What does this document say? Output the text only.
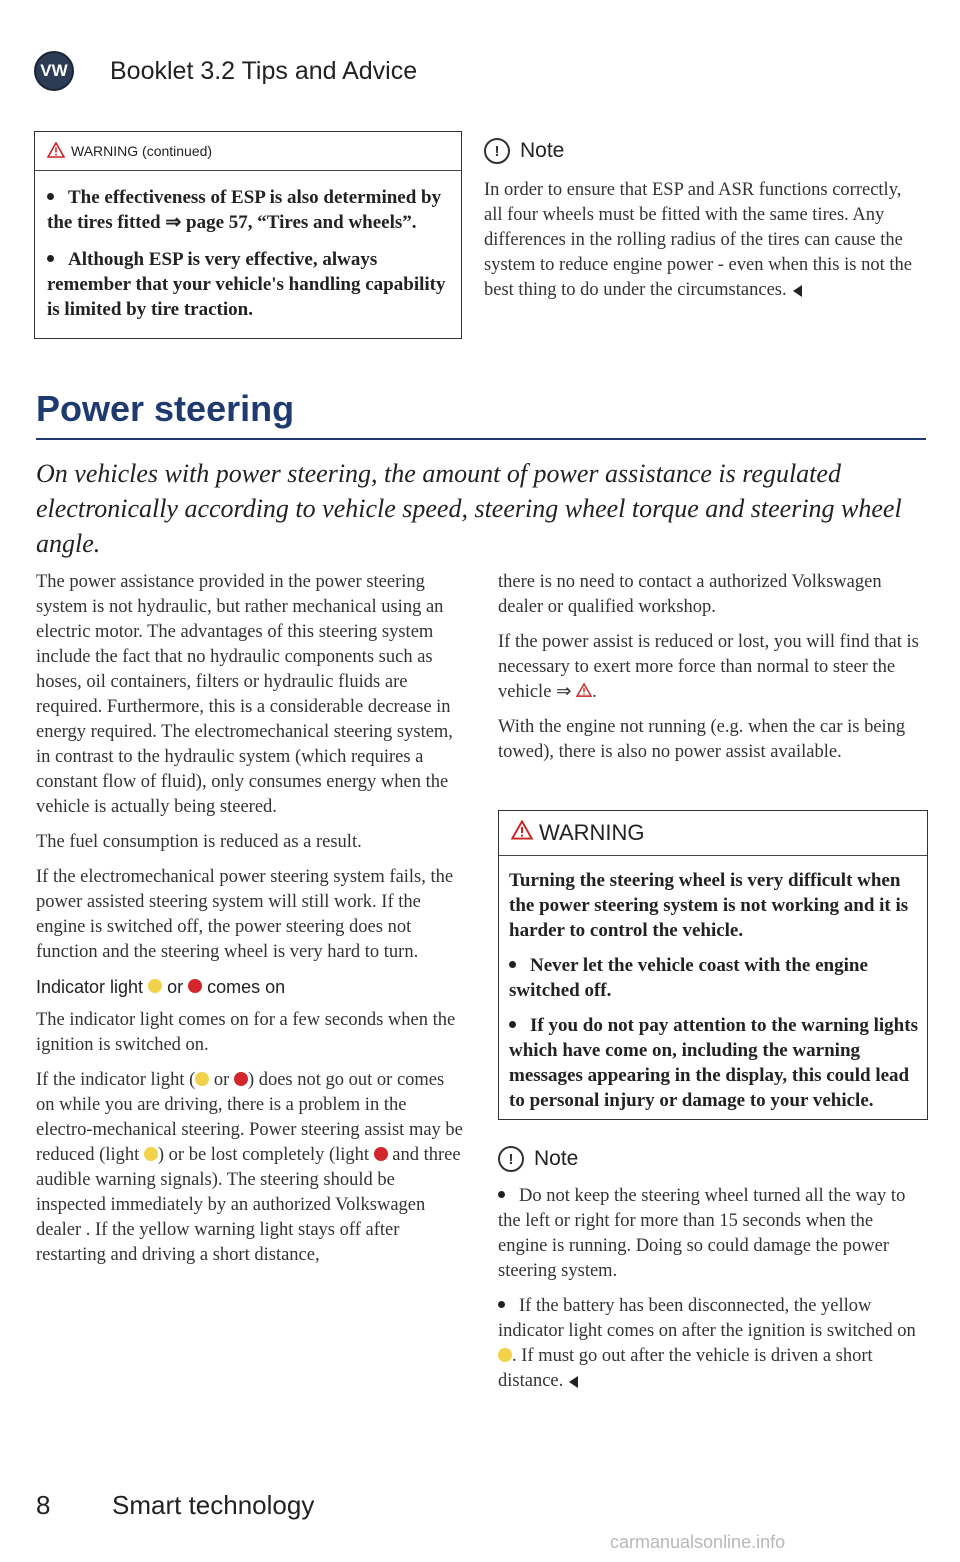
VW Booklet 3.2 Tips and Advice
WARNING (continued)
The effectiveness of ESP is also determined by the tires fitted ⇒ page 57, “Tires and wheels”.
Although ESP is very effective, always remember that your vehicle's handling capability is limited by tire traction.
! Note
In order to ensure that ESP and ASR functions correctly, all four wheels must be fitted with the same tires. Any differences in the rolling radius of the tires can cause the system to reduce engine power - even when this is not the best thing to do under the circumstances.
Power steering
On vehicles with power steering, the amount of power assistance is regulated electronically according to vehicle speed, steering wheel torque and steering wheel angle.

The power assistance provided in the power steering system is not hydraulic, but rather mechanical using an electric motor. The advantages of this steering system include the fact that no hydraulic components such as hoses, oil containers, filters or hydraulic fluids are required. Furthermore, this is a considerable decrease in energy required. The electromechanical steering system, in contrast to the hydraulic system (which requires a constant flow of fluid), only consumes energy when the vehicle is actually being steered.

The fuel consumption is reduced as a result.

If the electromechanical power steering system fails, the power assisted steering system will still work. If the engine is switched off, the power steering does not function and the steering wheel is very hard to turn.

Indicator light or comes on

The indicator light comes on for a few seconds when the ignition is switched on.

If the indicator light ( or ) does not go out or comes on while you are driving, there is a problem in the electro-mechanical steering. Power steering assist may be reduced (light ) or be lost completely (light and three audible warning signals). The steering should be inspected immediately by an authorized Volkswagen dealer . If the yellow warning light stays off after restarting and driving a short distance,

there is no need to contact a authorized Volkswagen dealer or qualified workshop.

If the power assist is reduced or lost, you will find that is necessary to exert more force than normal to steer the vehicle ⇒ .

With the engine not running (e.g. when the car is being towed), there is also no power assist available.

WARNING
Turning the steering wheel is very difficult when the power steering system is not working and it is harder to control the vehicle.
Never let the vehicle coast with the engine switched off.
If you do not pay attention to the warning lights which have come on, including the warning messages appearing in the display, this could lead to personal injury or damage to your vehicle.
! Note
Do not keep the steering wheel turned all the way to the left or right for more than 15 seconds when the engine is running. Doing so could damage the power steering system.
If the battery has been disconnected, the yellow indicator light comes on after the ignition is switched on . If must go out after the vehicle is driven a short distance.
8 Smart technology
carmanualsonline.info
